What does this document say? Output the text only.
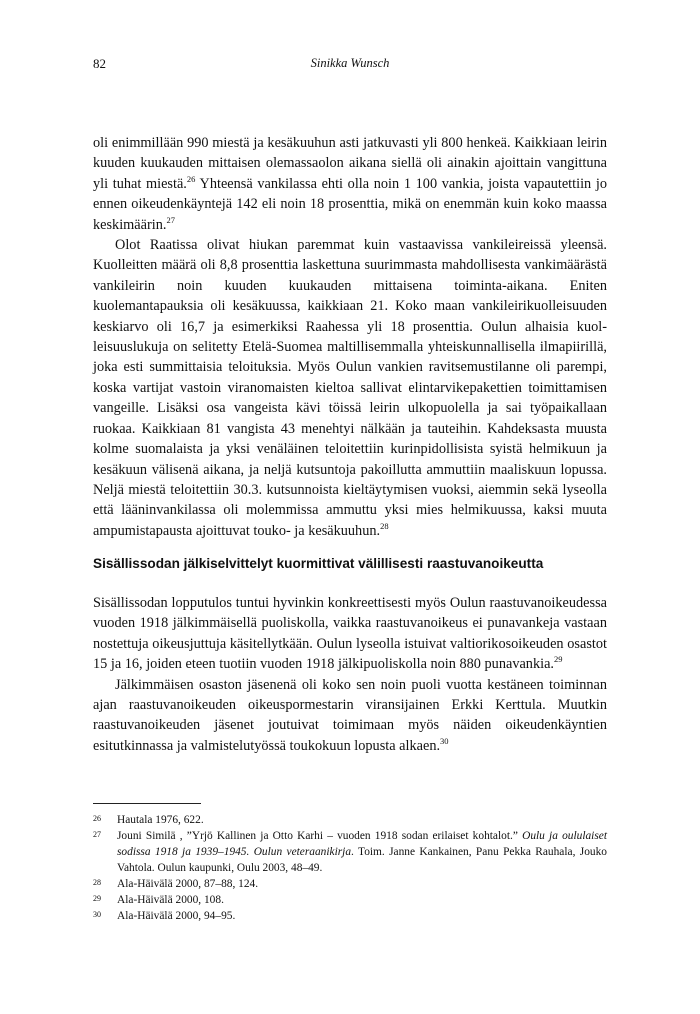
82	Sinikka Wunsch

oli enimmillään 990 miestä ja kesäkuuhun asti jatkuvasti yli 800 henkeä. Kaikkiaan leirin kuuden kuukauden mittaisen olemassaolon aikana siellä oli ainakin ajoittain vangittuna yli tuhat miestä.$^{26}$ Yhteensä vankilassa ehti olla noin 1 100 vankia, joista vapautettiin jo ennen oikeudenkäyntejä 142 eli noin 18 prosenttia, mikä on enemmän kuin koko maassa keskimäärin.$^{27}$

Olot Raatissa olivat hiukan paremmat kuin vastaavissa vankileireissä yleensä. Kuolleitten määrä oli 8,8 prosenttia laskettuna suurimmasta mahdollisesta vankimäärästä vankileirin noin kuuden kuukauden mittaisena toiminta-aikana. Eniten kuolemantapauksia oli kesäkuussa, kaikkiaan 21. Koko maan vankileirikuolleisuuden keskiarvo oli 16,7 ja esimerkiksi Raahessa yli 18 prosenttia. Oulun alhaisia kuolleisuuslukuja on selitetty Etelä-Suomea maltillisemmalla yhteiskunnallisella ilmapiirillä, joka esti summittaisia teloituksia. Myös Oulun vankien ravitsemustilanne oli parempi, koska vartijat vastoin viranomaisten kieltoa sallivat elintarvikepakettien toimittamisen vangeille. Lisäksi osa vangeista kävi töissä leirin ulkopuolella ja sai työpaikallaan ruokaa. Kaikkiaan 81 vangista 43 menehtyi nälkään ja tauteihin. Kahdeksasta muusta kolme suomalaista ja yksi venäläinen teloitettiin kurinpidollisista syistä helmikuun ja kesäkuun välisenä aikana, ja neljä kutsuntoja pakoillutta ammuttiin maaliskuun lopussa. Neljä miestä teloitettiin 30.3. kutsunnoista kieltäytymisen vuoksi, aiemmin sekä lyseolla että lääninvankilassa oli molemmissa ammuttu yksi mies helmikuussa, kaksi muuta ampumistapausta ajoittuvat touko- ja kesäkuuhun.$^{28}$

Sisällissodan jälkiselvittelyt kuormittivat välillisesti raastuvanoikeutta

Sisällissodan lopputulos tuntui hyvinkin konkreettisesti myös Oulun raastuvanoikeudessa vuoden 1918 jälkimmäisellä puoliskolla, vaikka raastuvanoikeus ei punavankeja vastaan nostettuja oikeusjuttuja käsitellytkään. Oulun lyseolla istuivat valtiorikosoikeuden osastot 15 ja 16, joiden eteen tuotiin vuoden 1918 jälkipuoliskolla noin 880 punavankia.$^{29}$

Jälkimmäisen osaston jäsenenä oli koko sen noin puoli vuotta kestäneen toiminnan ajan raastuvanoikeuden oikeuspormestarin viransijainen Erkki Kerttula. Muutkin raastuvanoikeuden jäsenet joutuivat toimimaan myös näiden oikeudenkäyntien esitutkinnassa ja valmistelutyössä toukokuun lopusta alkaen.$^{30}$

26	Hautala 1976, 622.
27	Jouni Similä , ”Yrjö Kallinen ja Otto Karhi – vuoden 1918 sodan erilaiset kohtalot.” Oulu ja oululaiset sodissa 1918 ja 1939–1945. Oulun veteraanikirja. Toim. Janne Kankainen, Panu Pekka Rauhala, Jouko Vahtola. Oulun kaupunki, Oulu 2003, 48–49.
28	Ala-Häivälä 2000, 87–88, 124.
29	Ala-Häivälä 2000, 108.
30	Ala-Häivälä 2000, 94–95.
